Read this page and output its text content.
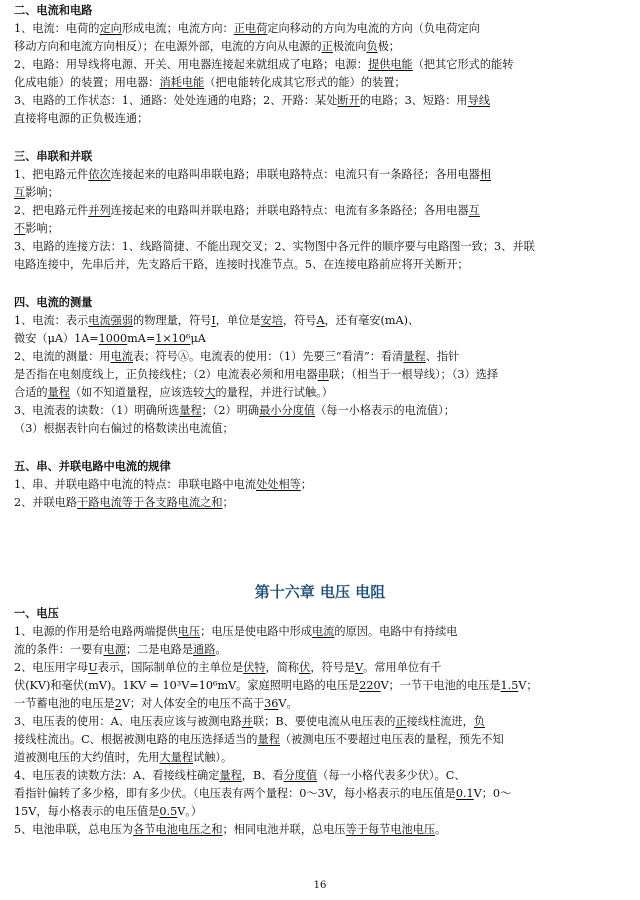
二、电流和电路
1、电流：电荷的定向形成电流；电流方向：正电荷定向移动的方向为电流的方向（负电荷定向
移动方向和电流方向相反）；在电源外部，电流的方向从电源的正极流向负极；
2、电路：用导线将电源、开关、用电器连接起来就组成了电路；电源：提供电能（把其它形式的能转
化成电能）的装置；用电器：消耗电能（把电能转化成其它形式的能）的装置；
3、电路的工作状态：1、通路：处处连通的电路；2、开路：某处断开的电路；3、短路：用导线
直接将电源的正负极连通；
三、串联和并联
1、把电路元件依次连接起来的电路叫串联电路；串联电路特点：电流只有一条路径；各用电器相
互影响；
2、把电路元件并列连接起来的电路叫并联电路；并联电路特点：电流有多条路径；各用电器互
不影响；
3、电路的连接方法：1、线路简捷、不能出现交叉；2、实物图中各元件的顺序要与电路图一致；3、并联
电路连接中，先串后并，先支路后干路，连接时找准节点。5、在连接电路前应将开关断开；
四、电流的测量
1、电流：表示电流强弱的物理量，符号I，单位是安培，符号A，还有毫安(mA)、
微安（μA）1A=1000mA=1×10⁶μA
2、电流的测量：用电流表；符号Ⓐ。电流表的使用：（1）先要三“看清”：看清量程、指针
是否指在电刻度线上，正负接线柱；（2）电流表必须和用电器串联；（相当于一根导线）；（3）选择
合适的量程（如不知道量程，应该选较大的量程，并进行试触。）
3、电流表的读数：（1）明确所选量程；（2）明确最小分度值（每一小格表示的电流值）；
（3）根据表针向右偏过的格数读出电流值；
五、串、并联电路中电流的规律
1、串、并联电路中电流的特点：串联电路中电流处处相等；
2、并联电路干路电流等于各支路电流之和；
第十六章 电压 电阻
一、电压
1、电源的作用是给电路两端提供电压；电压是使电路中形成电流的原因。电路中有持续电
流的条件：一要有电源；二是电路是通路。
2、电压用字母U表示，国际制单位的主单位是伏特，简称伏，符号是V。常用单位有千
伏(KV)和毫伏(mV)。1KV = 10³V=10⁶mV。家庭照明电路的电压是220V；一节干电池的电压是1.5V；
一节蓄电池的电压是2V；对人体安全的电压不高于36V。
3、电压表的使用：A、电压表应该与被测电路并联；B、要使电流从电压表的正接线柱流进，负
接线柱流出。C、根据被测电路的电压选择适当的量程（被测电压不要超过电压表的量程，预先不知
道被测电压的大约值时，先用大量程试触）。
4、电压表的读数方法：A、看接线柱确定量程，B、看分度值（每一小格代表多少伏）。C、
看指针偏转了多少格，即有多少伏。（电压表有两个量程：0～3V，每小格表示的电压值是0.1V；0～
15V，每小格表示的电压值是0.5V。）
5、电池串联，总电压为各节电池电压之和；相同电池并联，总电压等于每节电池电压。
16
